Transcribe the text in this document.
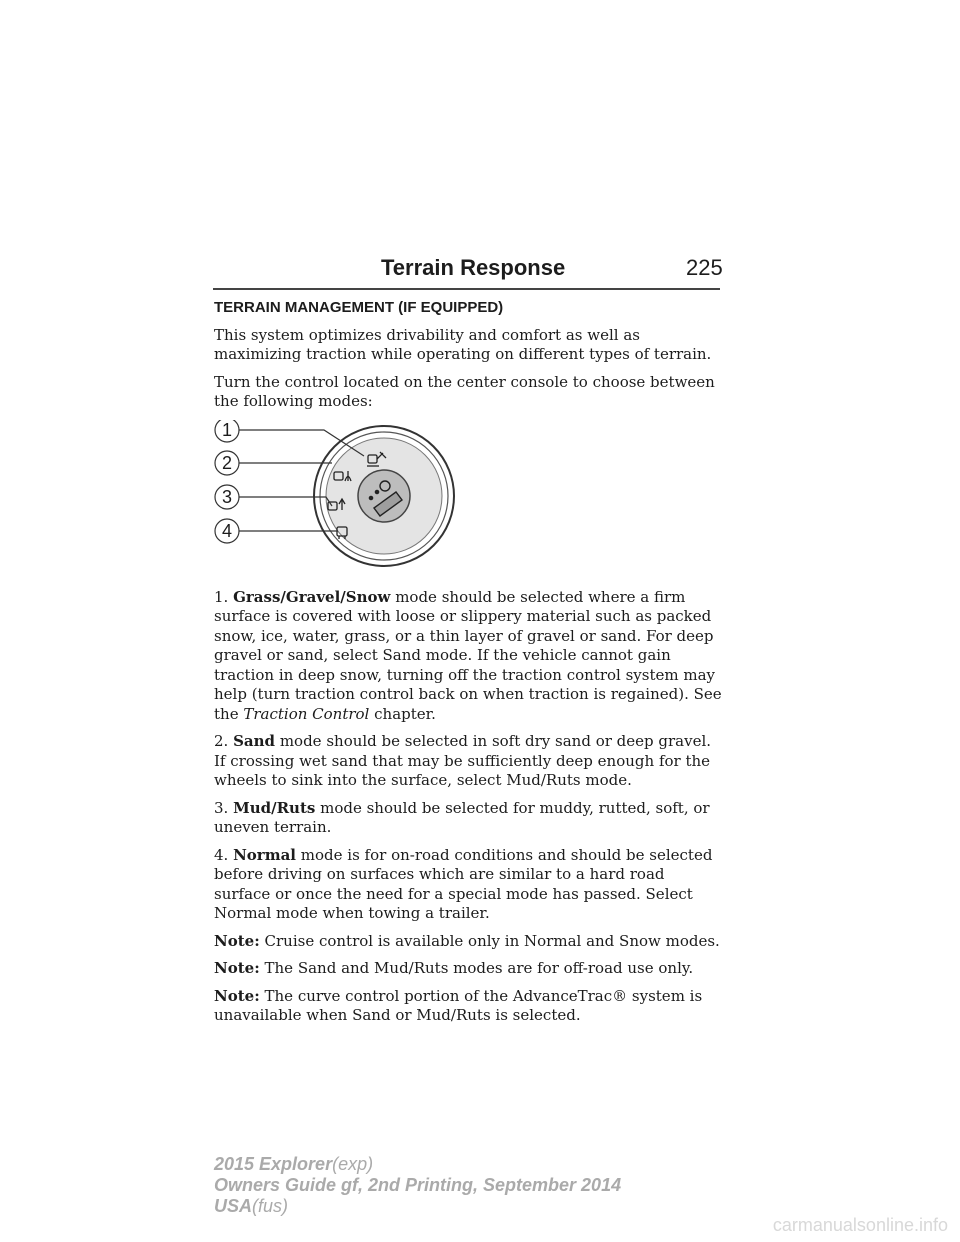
Terrain Response	225
TERRAIN MANAGEMENT (IF EQUIPPED)

This system optimizes drivability and comfort as well as maximizing traction while operating on different types of terrain.

Turn the control located on the center console to choose between the following modes:

1
2
3
4

1. Grass/Gravel/Snow mode should be selected where a firm surface is covered with loose or slippery material such as packed snow, ice, water, grass, or a thin layer of gravel or sand. For deep gravel or sand, select Sand mode. If the vehicle cannot gain traction in deep snow, turning off the traction control system may help (turn traction control back on when traction is regained). See the Traction Control chapter.

2. Sand mode should be selected in soft dry sand or deep gravel. If crossing wet sand that may be sufficiently deep enough for the wheels to sink into the surface, select Mud/Ruts mode.

3. Mud/Ruts mode should be selected for muddy, rutted, soft, or uneven terrain.

4. Normal mode is for on-road conditions and should be selected before driving on surfaces which are similar to a hard road surface or once the need for a special mode has passed. Select Normal mode when towing a trailer.

Note: Cruise control is available only in Normal and Snow modes.

Note: The Sand and Mud/Ruts modes are for off-road use only.

Note: The curve control portion of the AdvanceTrac® system is unavailable when Sand or Mud/Ruts is selected.

2015 Explorer(exp)
Owners Guide gf, 2nd Printing, September 2014
USA(fus)
carmanualsonline.info
